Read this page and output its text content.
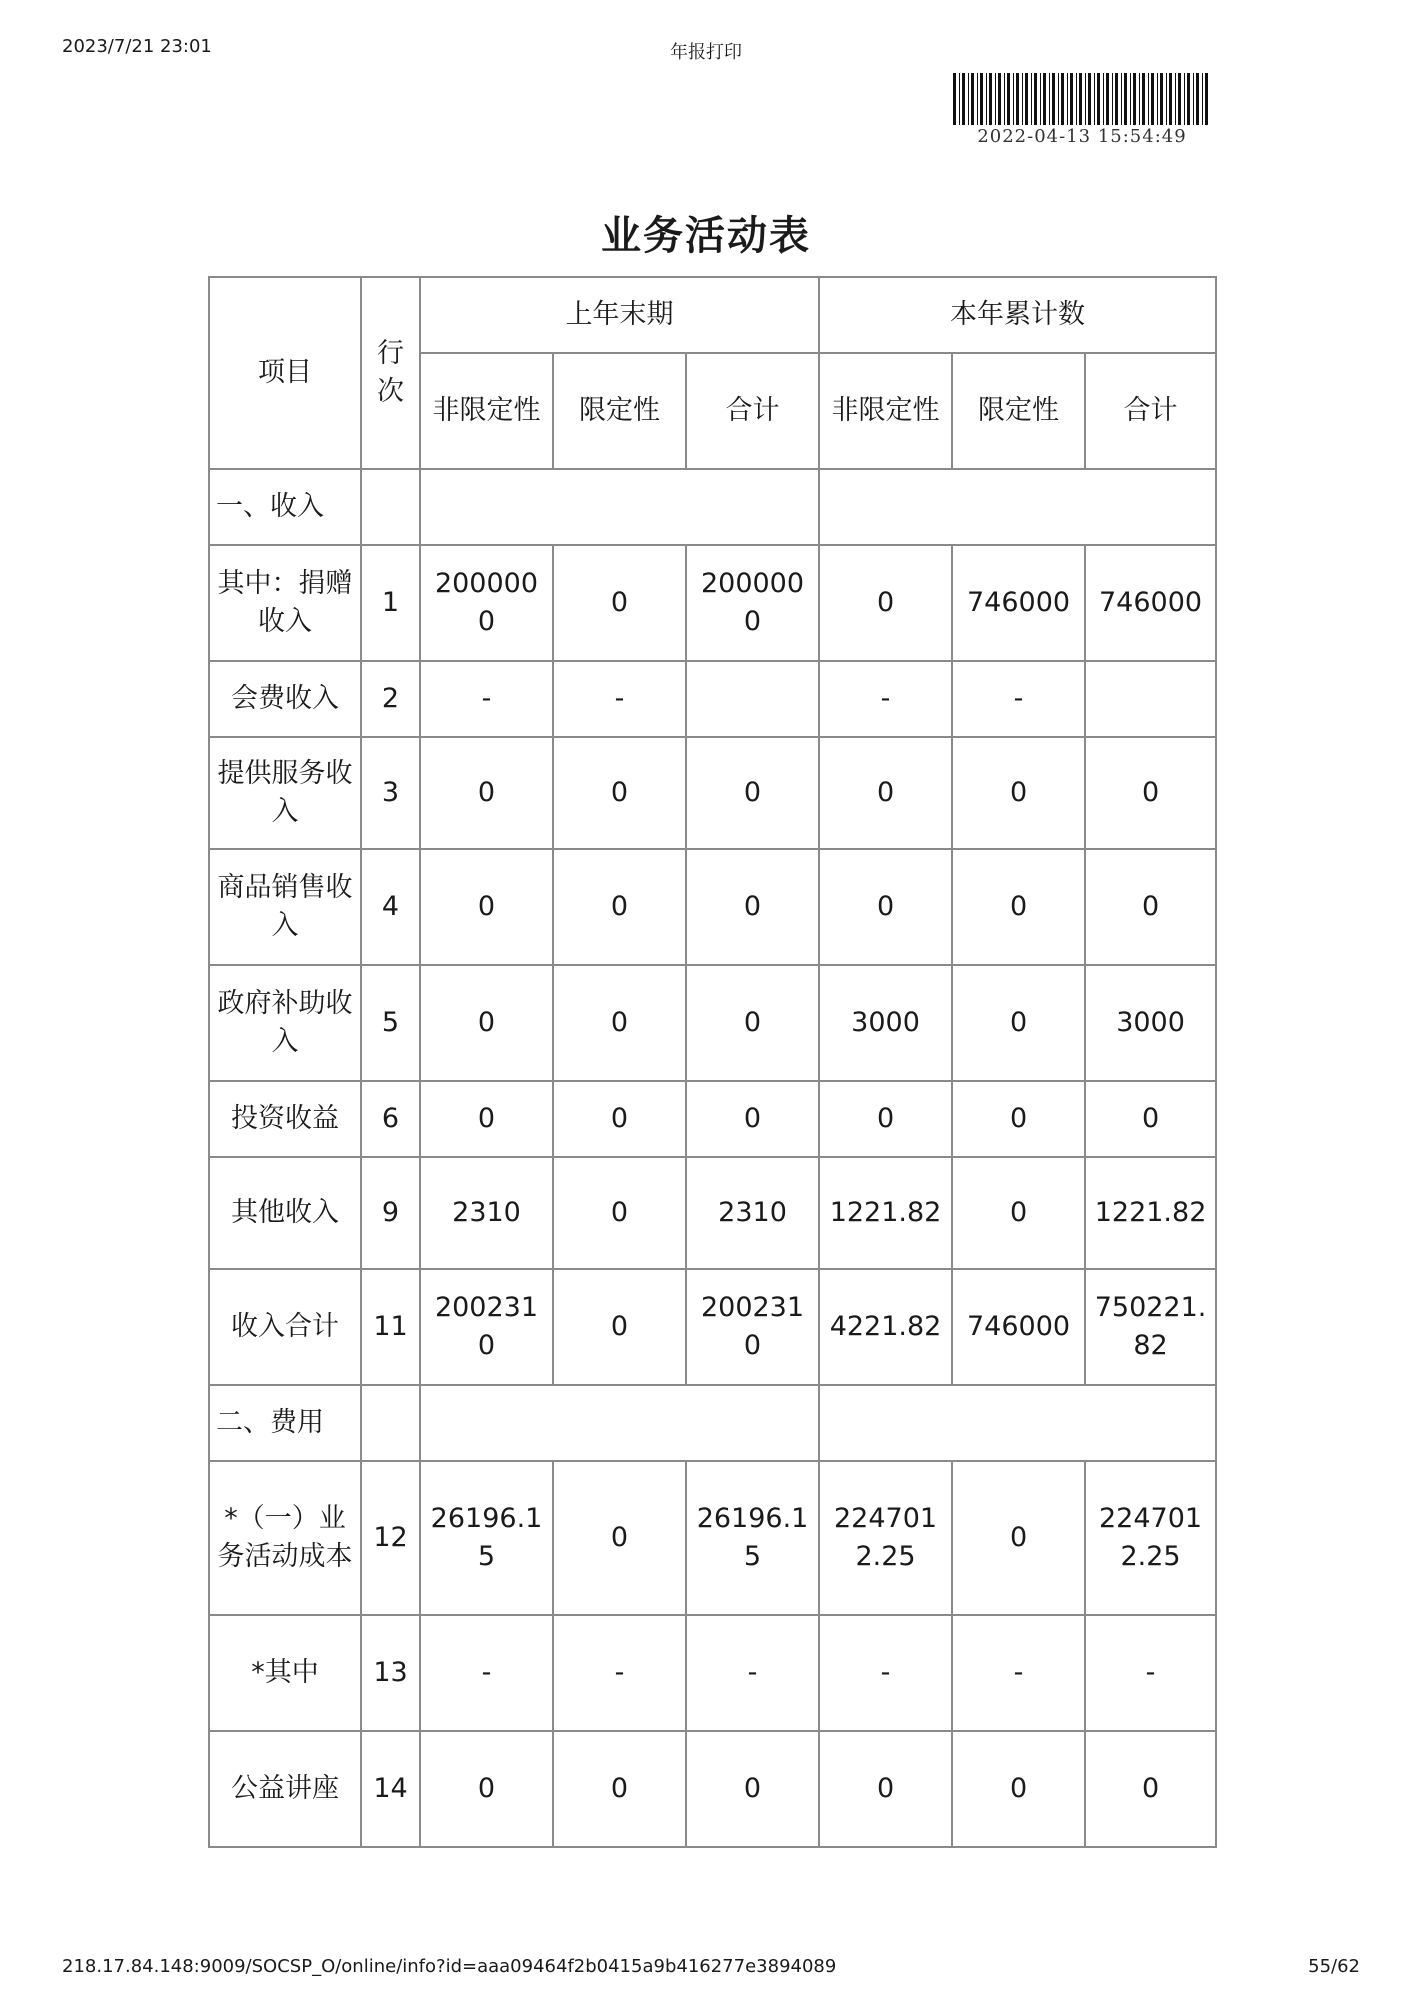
2023/7/21 23:01	年报打印
2022-04-13 15:54:49
业务活动表
项目	行次	上年末期			本年累计数		
		非限定性	限定性	合计	非限定性	限定性	合计
一、收入							
其中：捐赠收入	1	2000000	0	2000000	0	746000	746000
会费收入	2	-	-		-	-	
提供服务收入	3	0	0	0	0	0	0
商品销售收入	4	0	0	0	0	0	0
政府补助收入	5	0	0	0	3000	0	3000
投资收益	6	0	0	0	0	0	0
其他收入	9	2310	0	2310	1221.82	0	1221.82
收入合计	11	2002310	0	2002310	4221.82	746000	750221.82
二、费用							
*（一）业务活动成本	12	26196.15	0	26196.15	2247012.25	0	2247012.25
*其中	13	-	-	-	-	-	-
公益讲座	14	0	0	0	0	0	0
218.17.84.148:9009/SOCSP_O/online/info?id=aaa09464f2b0415a9b416277e3894089	55/62
